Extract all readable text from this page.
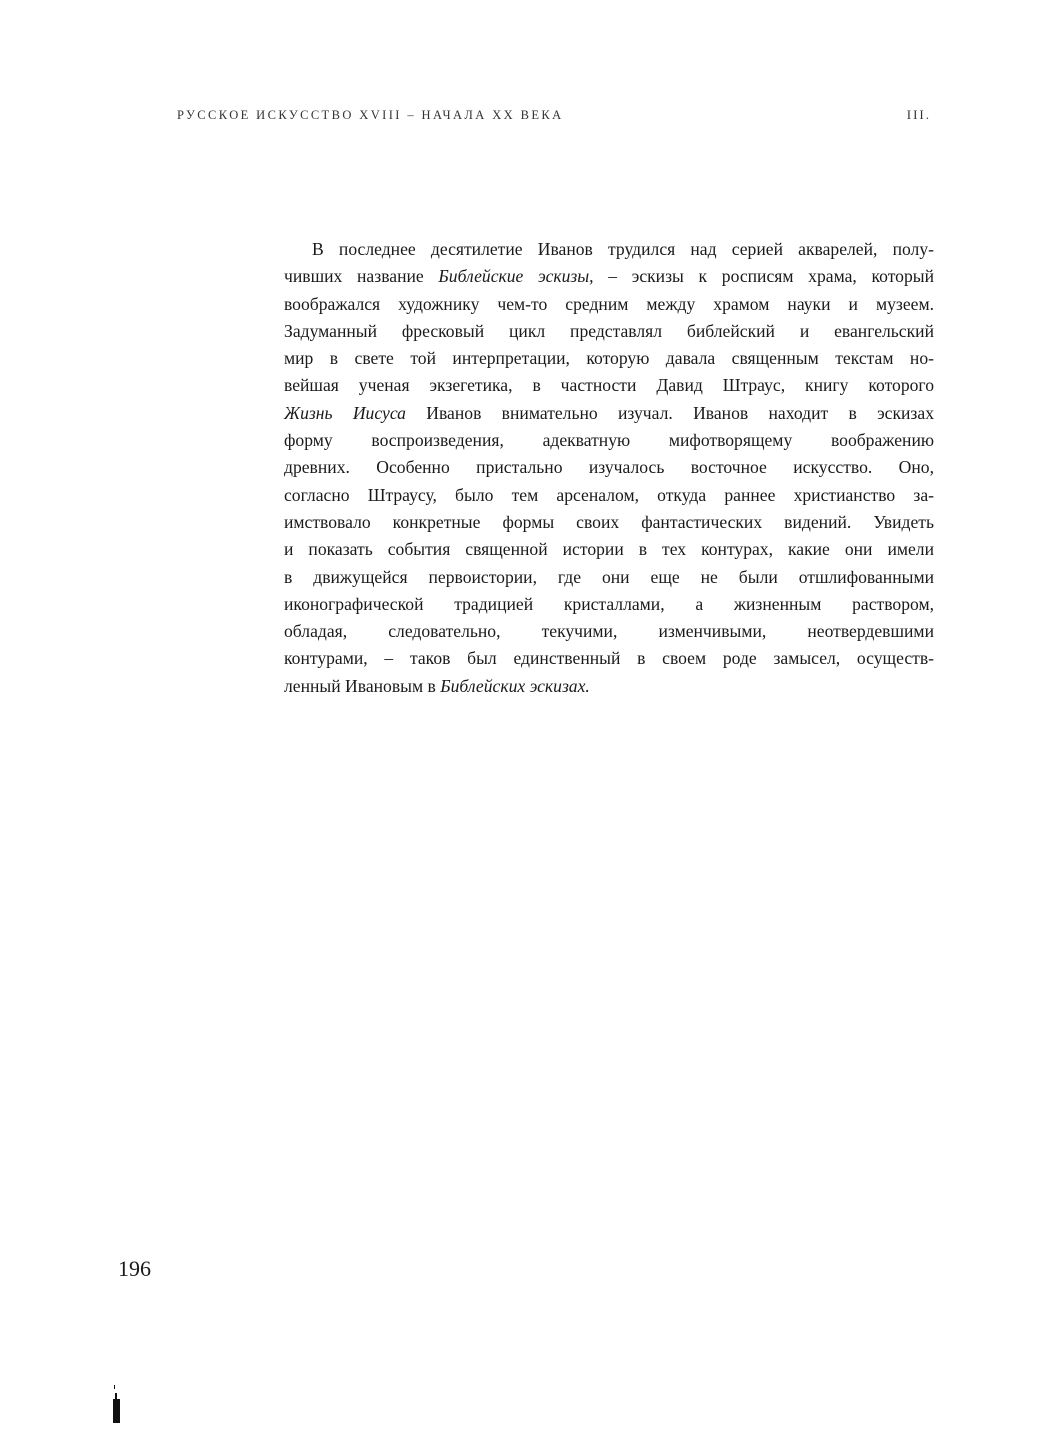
РУССКОЕ ИСКУССТВО XVIII – НАЧАЛА XX ВЕКА	III.
В последнее десятилетие Иванов трудился над серией акварелей, полу-
чивших название Библейские эскизы, – эскизы к росписям храма, который
воображался художнику чем-то средним между храмом науки и музеем.
Задуманный фресковый цикл представлял библейский и евангельский
мир в свете той интерпретации, которую давала священным текстам но-
вейшая ученая экзегетика, в частности Давид Штраус, книгу которого
Жизнь Иисуса Иванов внимательно изучал. Иванов находит в эскизах
форму воспроизведения, адекватную мифотворящему воображению
древних. Особенно пристально изучалось восточное искусство. Оно,
согласно Штраусу, было тем арсеналом, откуда раннее христианство за-
имствовало конкретные формы своих фантастических видений. Увидеть
и показать события священной истории в тех контурах, какие они имели
в движущейся первоистории, где они еще не были отшлифованными
иконографической традицией кристаллами, а жизненным раствором,
обладая, следовательно, текучими, изменчивыми, неотвердевшими
контурами, – таков был единственный в своем роде замысел, осуществ-
ленный Ивановым в Библейских эскизах.
196
